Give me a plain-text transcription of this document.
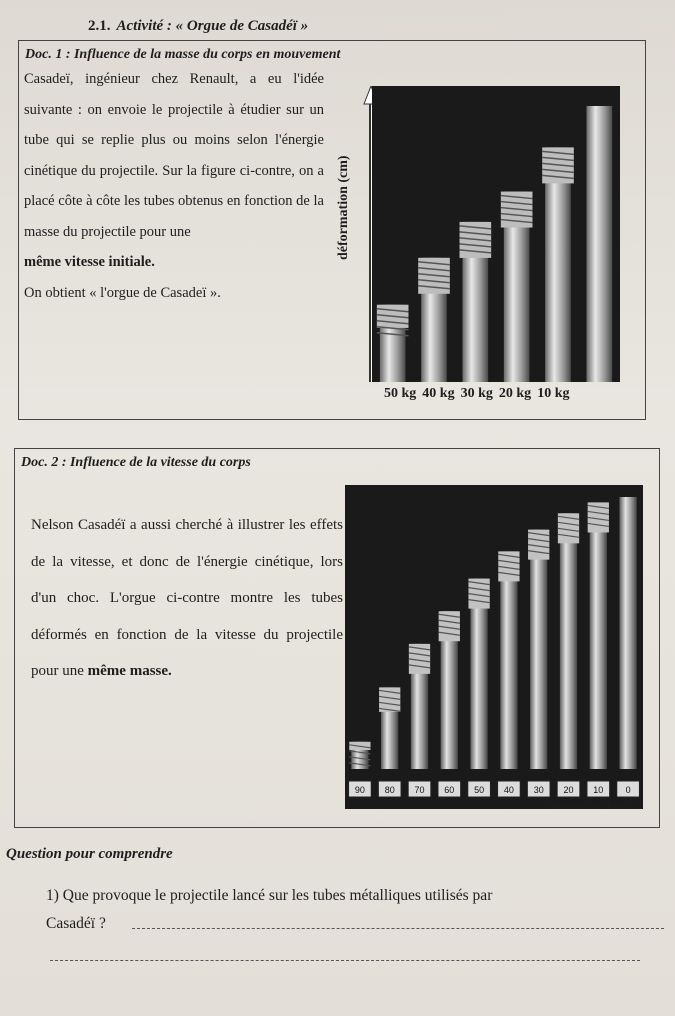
2.1. Activité : « Orgue de Casadéï »
Doc. 1 : Influence de la masse du corps en mouvement

Casadeï, ingénieur chez Renault, a eu l'idée suivante : on envoie le projectile à étudier sur un tube qui se replie plus ou moins selon l'énergie cinétique du projectile. Sur la figure ci-contre, on a placé côte à côte les tubes obtenus en fonction de la masse du projectile pour une

même vitesse initiale.

On obtient « l'orgue de Casadeï ».

déformation (cm)
50 kg 40 kg 30 kg 20 kg 10 kg
Doc. 2 : Influence de la vitesse du corps

Nelson Casadéï a aussi cherché à illustrer les effets de la vitesse, et donc de l'énergie cinétique, lors d'un choc. L'orgue ci-contre montre les tubes déformés en fonction de la vitesse du projectile pour une même masse.

90 80 70 60 50 40 30 20 10 0
Vitesses en km/h
Question pour comprendre
1) Que provoque le projectile lancé sur les tubes métalliques utilisés par
Casadéï ?
